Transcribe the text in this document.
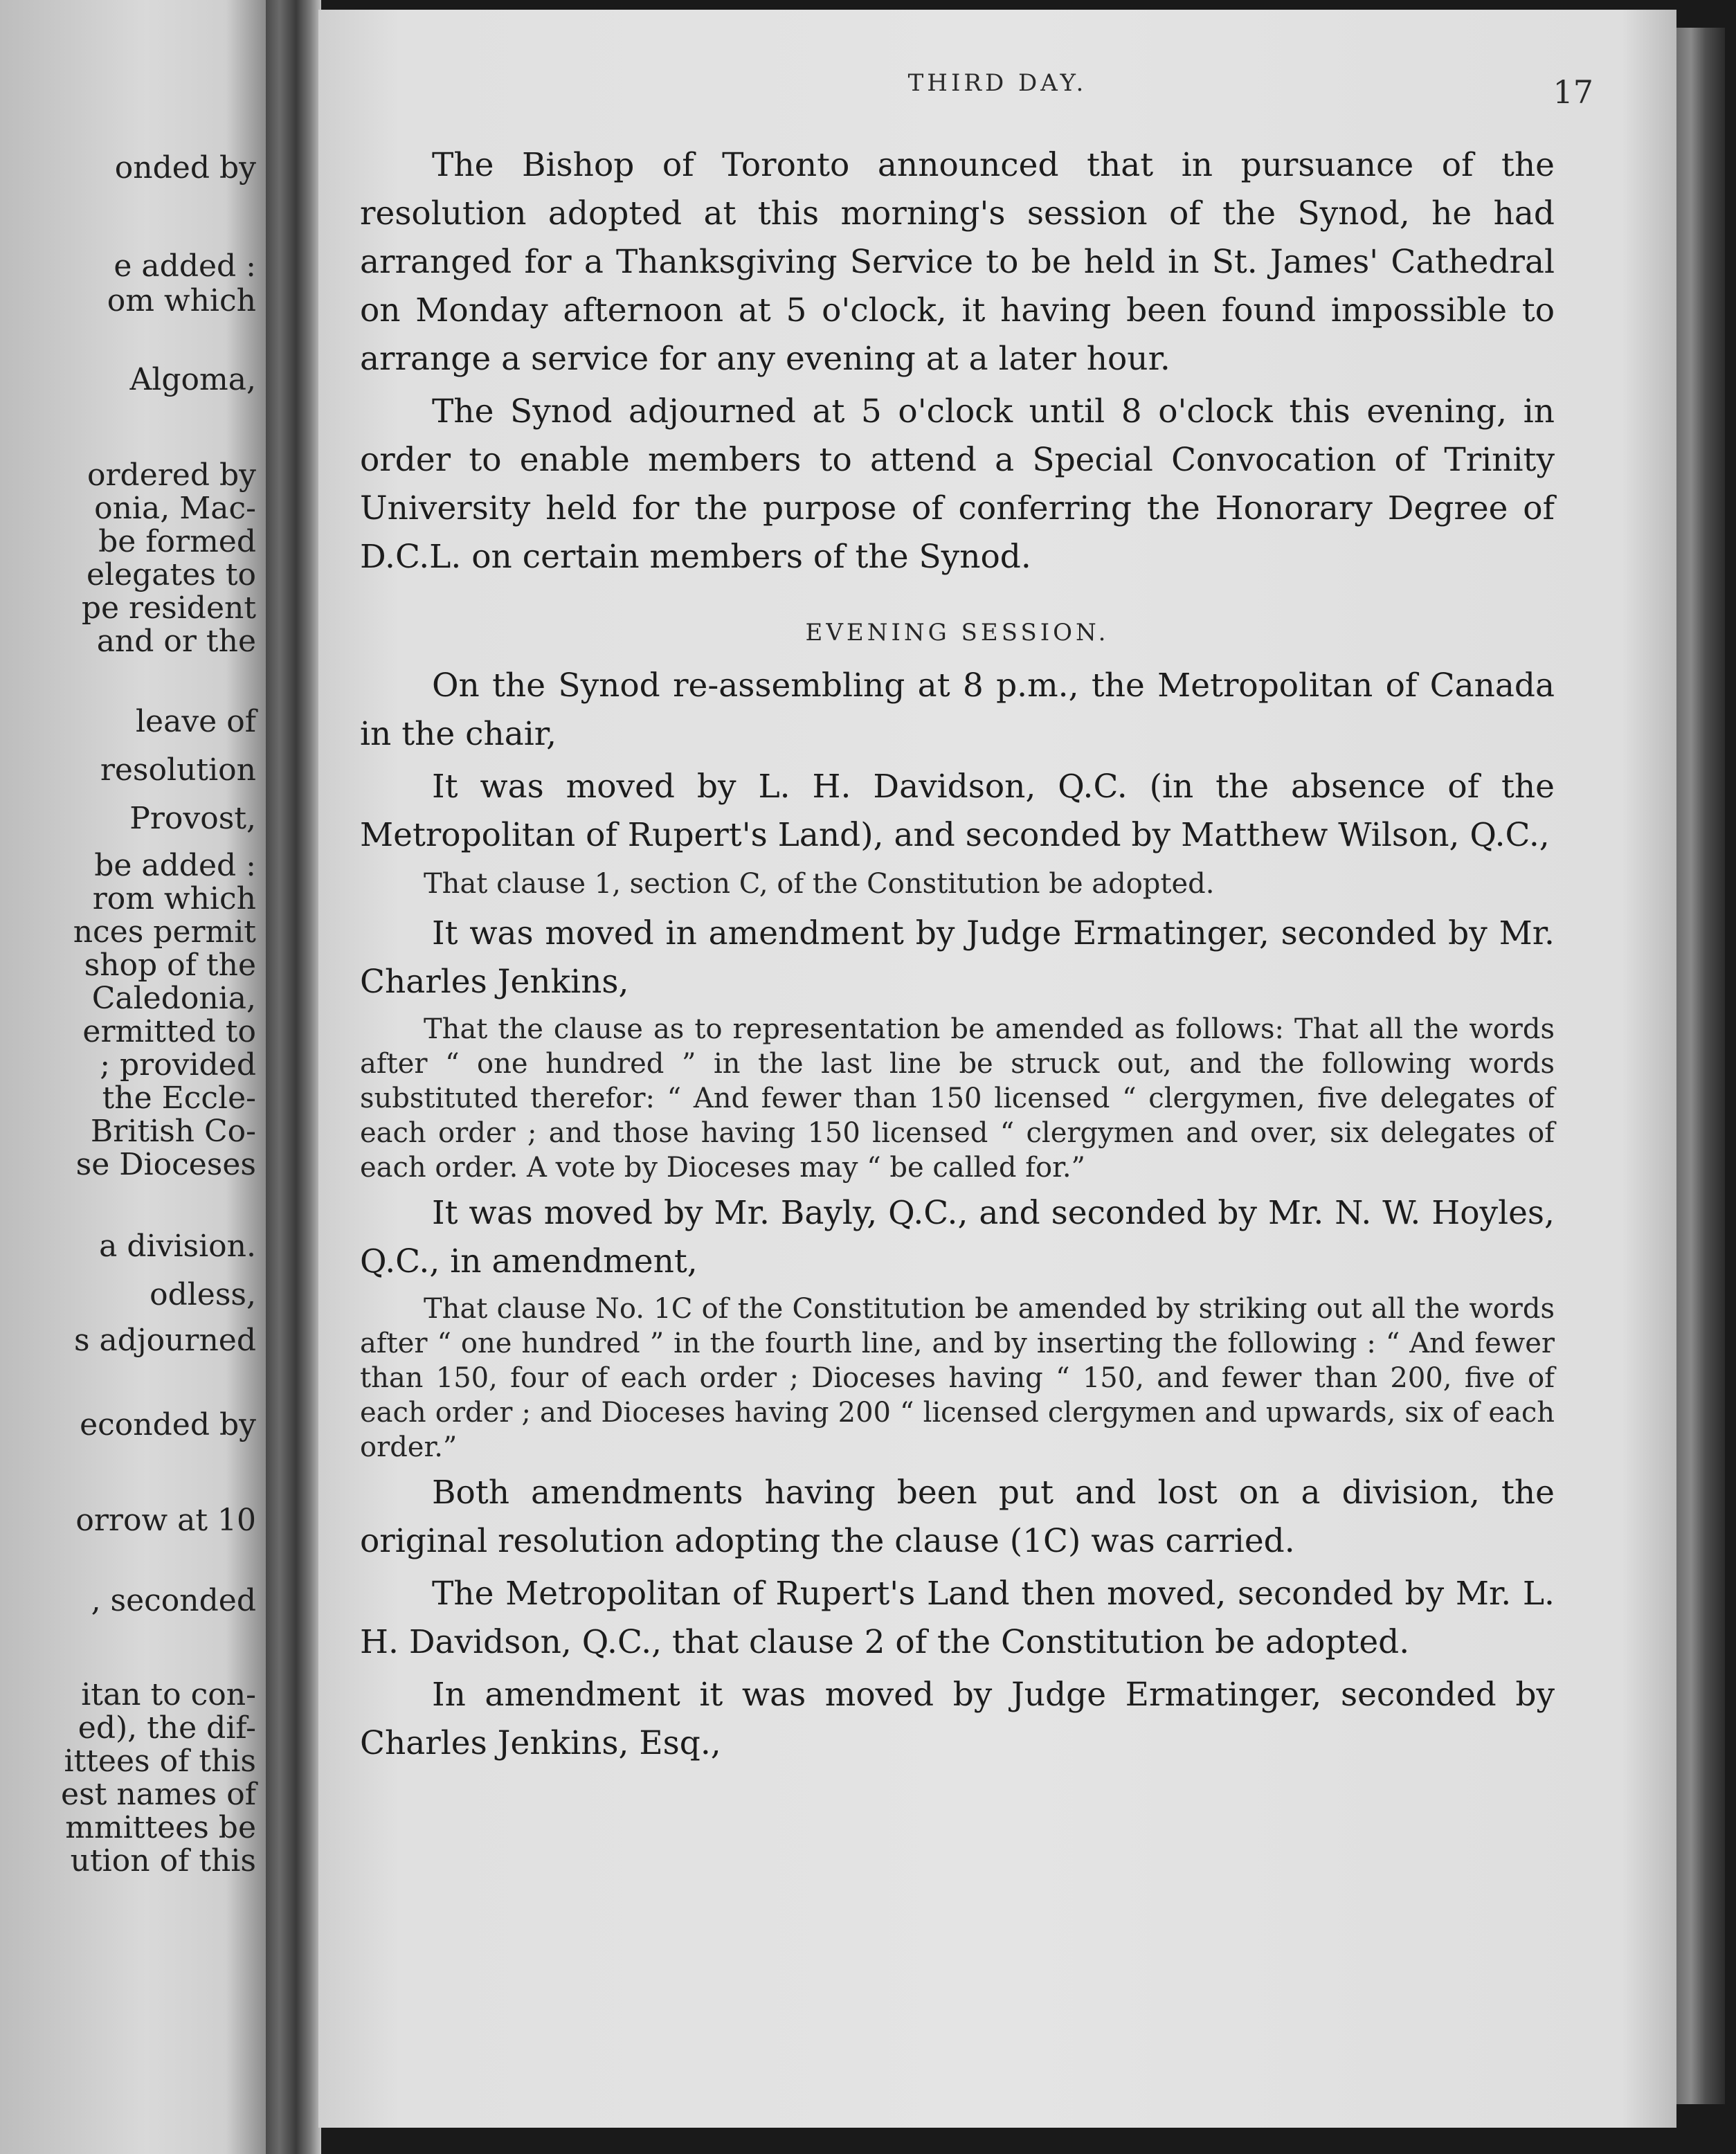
onded by
e added :
om which
Algoma,
ordered by
onia, Mac-
be formed
elegates to
pe resident
and or the
leave of
resolution
Provost,
be added :
rom which
nces permit
shop of the
Caledonia,
ermitted to
; provided
the Eccle-
British Co-
se Dioceses
a division.
odless,
s adjourned
econded by
orrow at 10
, seconded
itan to con-
ed), the dif-
ittees of this
est names of
mmittees be
ution of this
THIRD DAY.	17

The Bishop of Toronto announced that in pursuance of the resolution adopted at this morning's session of the Synod, he had arranged for a Thanksgiving Service to be held in St. James' Cathedral on Monday afternoon at 5 o'clock, it having been found impossible to arrange a service for any evening at a later hour.

The Synod adjourned at 5 o'clock until 8 o'clock this evening, in order to enable members to attend a Special Convocation of Trinity University held for the purpose of conferring the Honorary Degree of D.C.L. on certain members of the Synod.

EVENING SESSION.

On the Synod re-assembling at 8 p.m., the Metropolitan of Canada in the chair,

It was moved by L. H. Davidson, Q.C. (in the absence of the Metropolitan of Rupert's Land), and seconded by Matthew Wilson, Q.C.,

That clause 1, section C, of the Constitution be adopted.

It was moved in amendment by Judge Ermatinger, seconded by Mr. Charles Jenkins,

That the clause as to representation be amended as follows: That all the words after “ one hundred ” in the last line be struck out, and the following words substituted therefor: “ And fewer than 150 licensed “ clergymen, five delegates of each order ; and those having 150 licensed “ clergymen and over, six delegates of each order. A vote by Dioceses may “ be called for.”

It was moved by Mr. Bayly, Q.C., and seconded by Mr. N. W. Hoyles, Q.C., in amendment,

That clause No. 1C of the Constitution be amended by striking out all the words after “ one hundred ” in the fourth line, and by inserting the following : “ And fewer than 150, four of each order ; Dioceses having “ 150, and fewer than 200, five of each order ; and Dioceses having 200 “ licensed clergymen and upwards, six of each order.”

Both amendments having been put and lost on a division, the original resolution adopting the clause (1C) was carried.

The Metropolitan of Rupert's Land then moved, seconded by Mr. L. H. Davidson, Q.C., that clause 2 of the Constitution be adopted.

In amendment it was moved by Judge Ermatinger, seconded by Charles Jenkins, Esq.,
